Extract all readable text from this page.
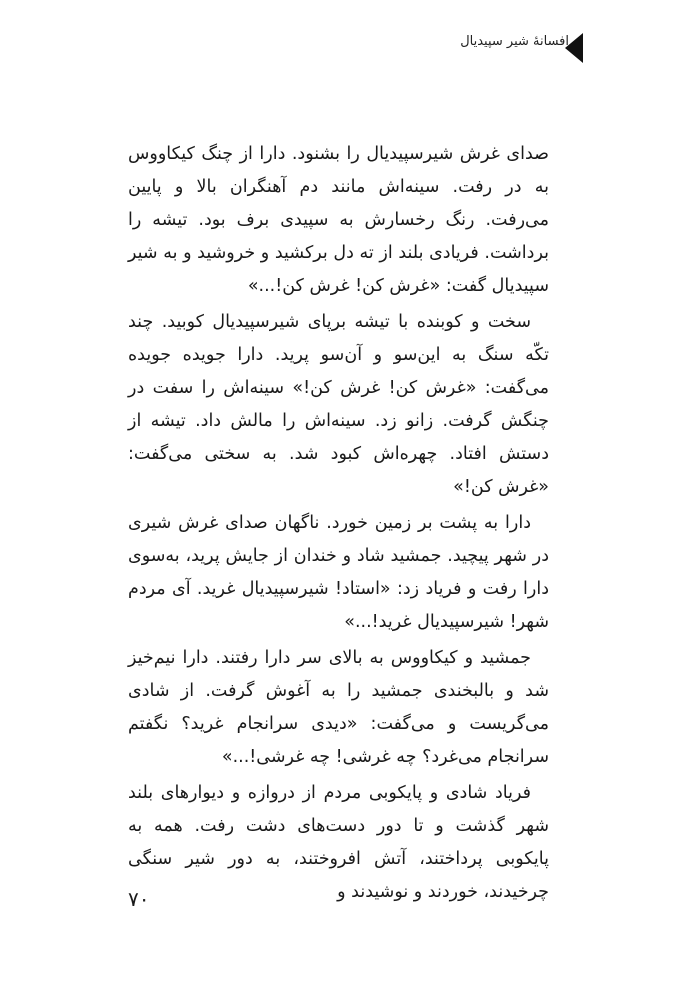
افسانهٔ شیر سپیدیال

صدای غرش شیرسپیدیال را بشنود. دارا از چنگ کیکاووس به در رفت. سینه‌اش مانند دم آهنگران بالا و پایین می‌رفت. رنگ رخسارش به سپیدی برف بود. تیشه را برداشت. فریادی بلند از ته دل برکشید و خروشید و به شیر سپیدیال گفت: «غرش کن! غرش کن!...»

سخت و کوبنده با تیشه برپای شیرسپیدیال کوبید. چند تکّه سنگ به این‌سو و آن‌سو پرید. دارا جویده جویده می‌گفت: «غرش کن! غرش کن!» سینه‌اش را سفت در چنگش گرفت. زانو زد. سینه‌اش را مالش داد. تیشه از دستش افتاد. چهره‌اش کبود شد. به سختی می‌گفت: «غرش کن!»

دارا به پشت بر زمین خورد. ناگهان صدای غرش شیری در شهر پیچید. جمشید شاد و خندان از جایش پرید، به‌سوی دارا رفت و فریاد زد: «استاد! شیرسپیدیال غرید. آی مردم شهر! شیرسپیدیال غرید!...»

جمشید و کیکاووس به بالای سر دارا رفتند. دارا نیم‌خیز شد و بالبخندی جمشید را به آغوش گرفت. از شادی می‌گریست و می‌گفت: «دیدی سرانجام غرید؟ نگفتم سرانجام می‌غرد؟ چه غرشی! چه غرشی!...»

فریاد شادی و پایکوبی مردم از دروازه و دیوارهای بلند شهر گذشت و تا دور دست‌های دشت رفت. همه به پایکوبی پرداختند، آتش افروختند، به دور شیر سنگی چرخیدند، خوردند و نوشیدند و

۷۰
